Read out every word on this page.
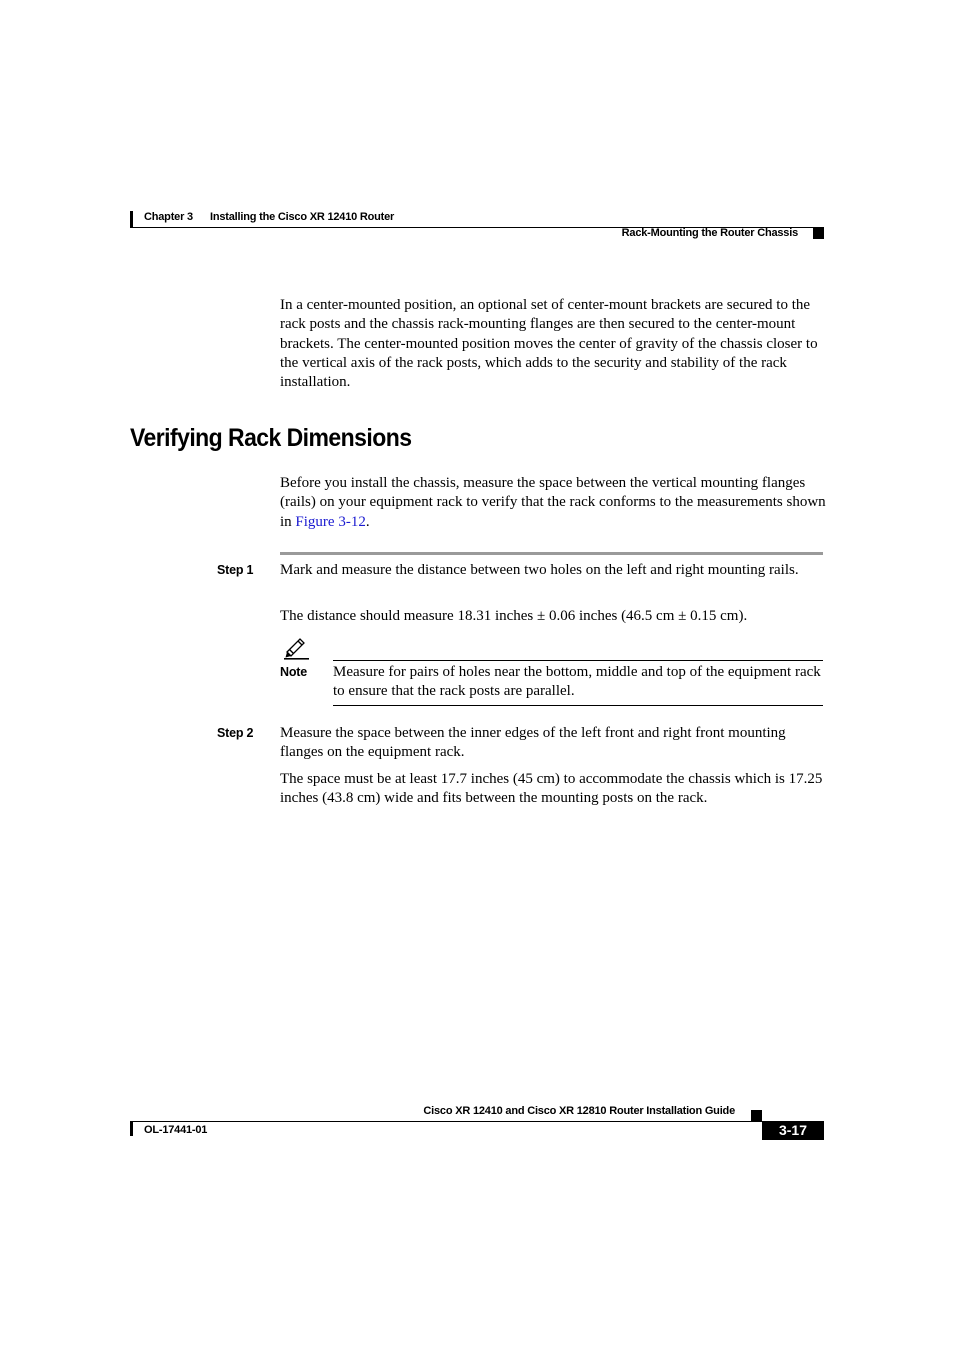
Chapter 3 Installing the Cisco XR 12410 Router
Rack-Mounting the Router Chassis

In a center-mounted position, an optional set of center-mount brackets are secured to the rack posts and the chassis rack-mounting flanges are then secured to the center-mount brackets. The center-mounted position moves the center of gravity of the chassis closer to the vertical axis of the rack posts, which adds to the security and stability of the rack installation.

Verifying Rack Dimensions

Before you install the chassis, measure the space between the vertical mounting flanges (rails) on your equipment rack to verify that the rack conforms to the measurements shown in Figure 3-12.

Step 1 Mark and measure the distance between two holes on the left and right mounting rails.

The distance should measure 18.31 inches ± 0.06 inches (46.5 cm ± 0.15 cm).

Note Measure for pairs of holes near the bottom, middle and top of the equipment rack to ensure that the rack posts are parallel.

Step 2 Measure the space between the inner edges of the left front and right front mounting flanges on the equipment rack.

The space must be at least 17.7 inches (45 cm) to accommodate the chassis which is 17.25 inches (43.8 cm) wide and fits between the mounting posts on the rack.

Cisco XR 12410 and Cisco XR 12810 Router Installation Guide
OL-17441-01	3-17
